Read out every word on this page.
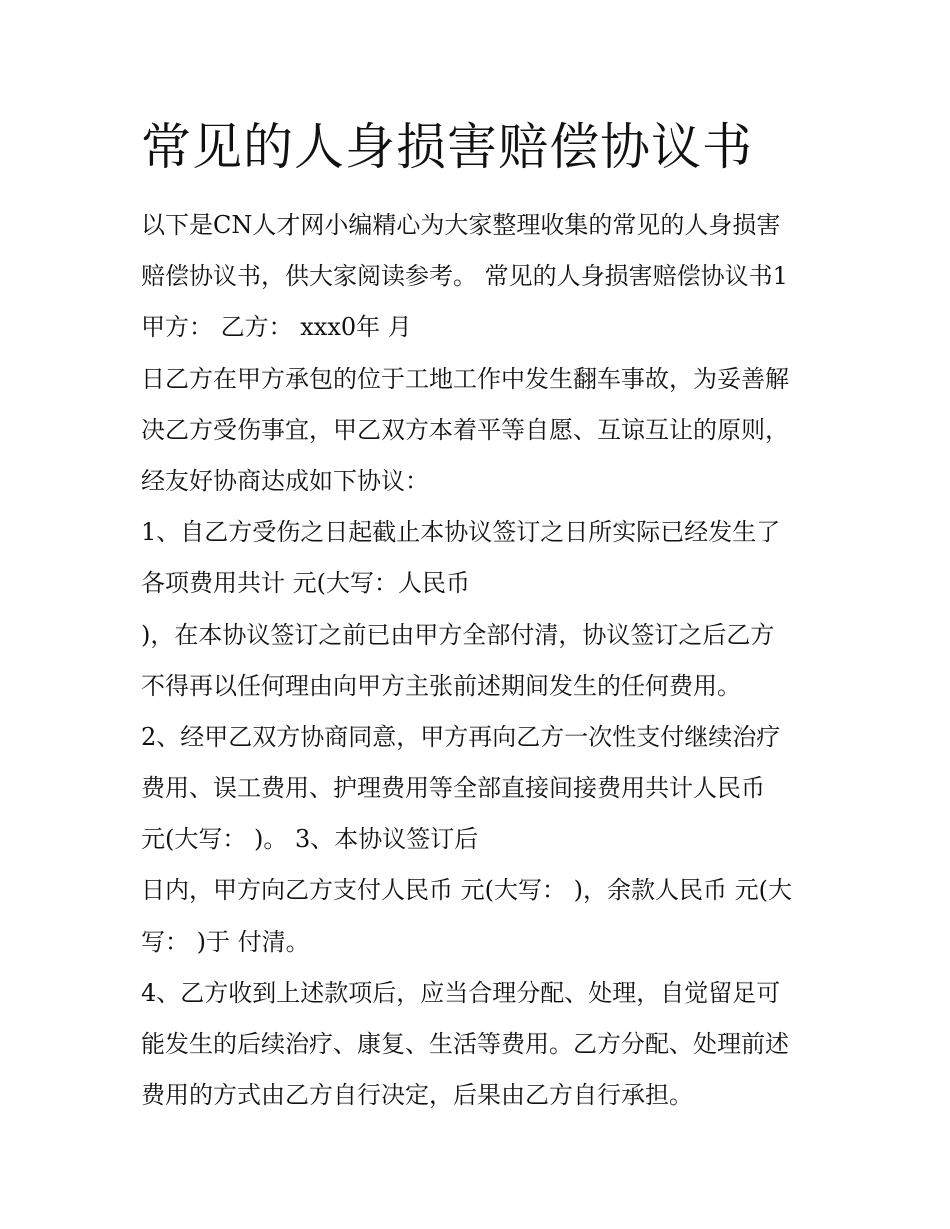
常见的人身损害赔偿协议书
以下是CN人才网小编精心为大家整理收集的常见的人身损害
赔偿协议书，供大家阅读参考。 常见的人身损害赔偿协议书1
甲方： 乙方： xxx0年 月
日乙方在甲方承包的位于工地工作中发生翻车事故，为妥善解
决乙方受伤事宜，甲乙双方本着平等自愿、互谅互让的原则，
经友好协商达成如下协议：
1、自乙方受伤之日起截止本协议签订之日所实际已经发生了
各项费用共计 元(大写：人民币
)，在本协议签订之前已由甲方全部付清，协议签订之后乙方
不得再以任何理由向甲方主张前述期间发生的任何费用。
2、经甲乙双方协商同意，甲方再向乙方一次性支付继续治疗
费用、误工费用、护理费用等全部直接间接费用共计人民币
元(大写： )。 3、本协议签订后
日内，甲方向乙方支付人民币 元(大写： )，余款人民币 元(大
写： )于 付清。
4、乙方收到上述款项后，应当合理分配、处理，自觉留足可
能发生的后续治疗、康复、生活等费用。乙方分配、处理前述
费用的方式由乙方自行决定，后果由乙方自行承担。
